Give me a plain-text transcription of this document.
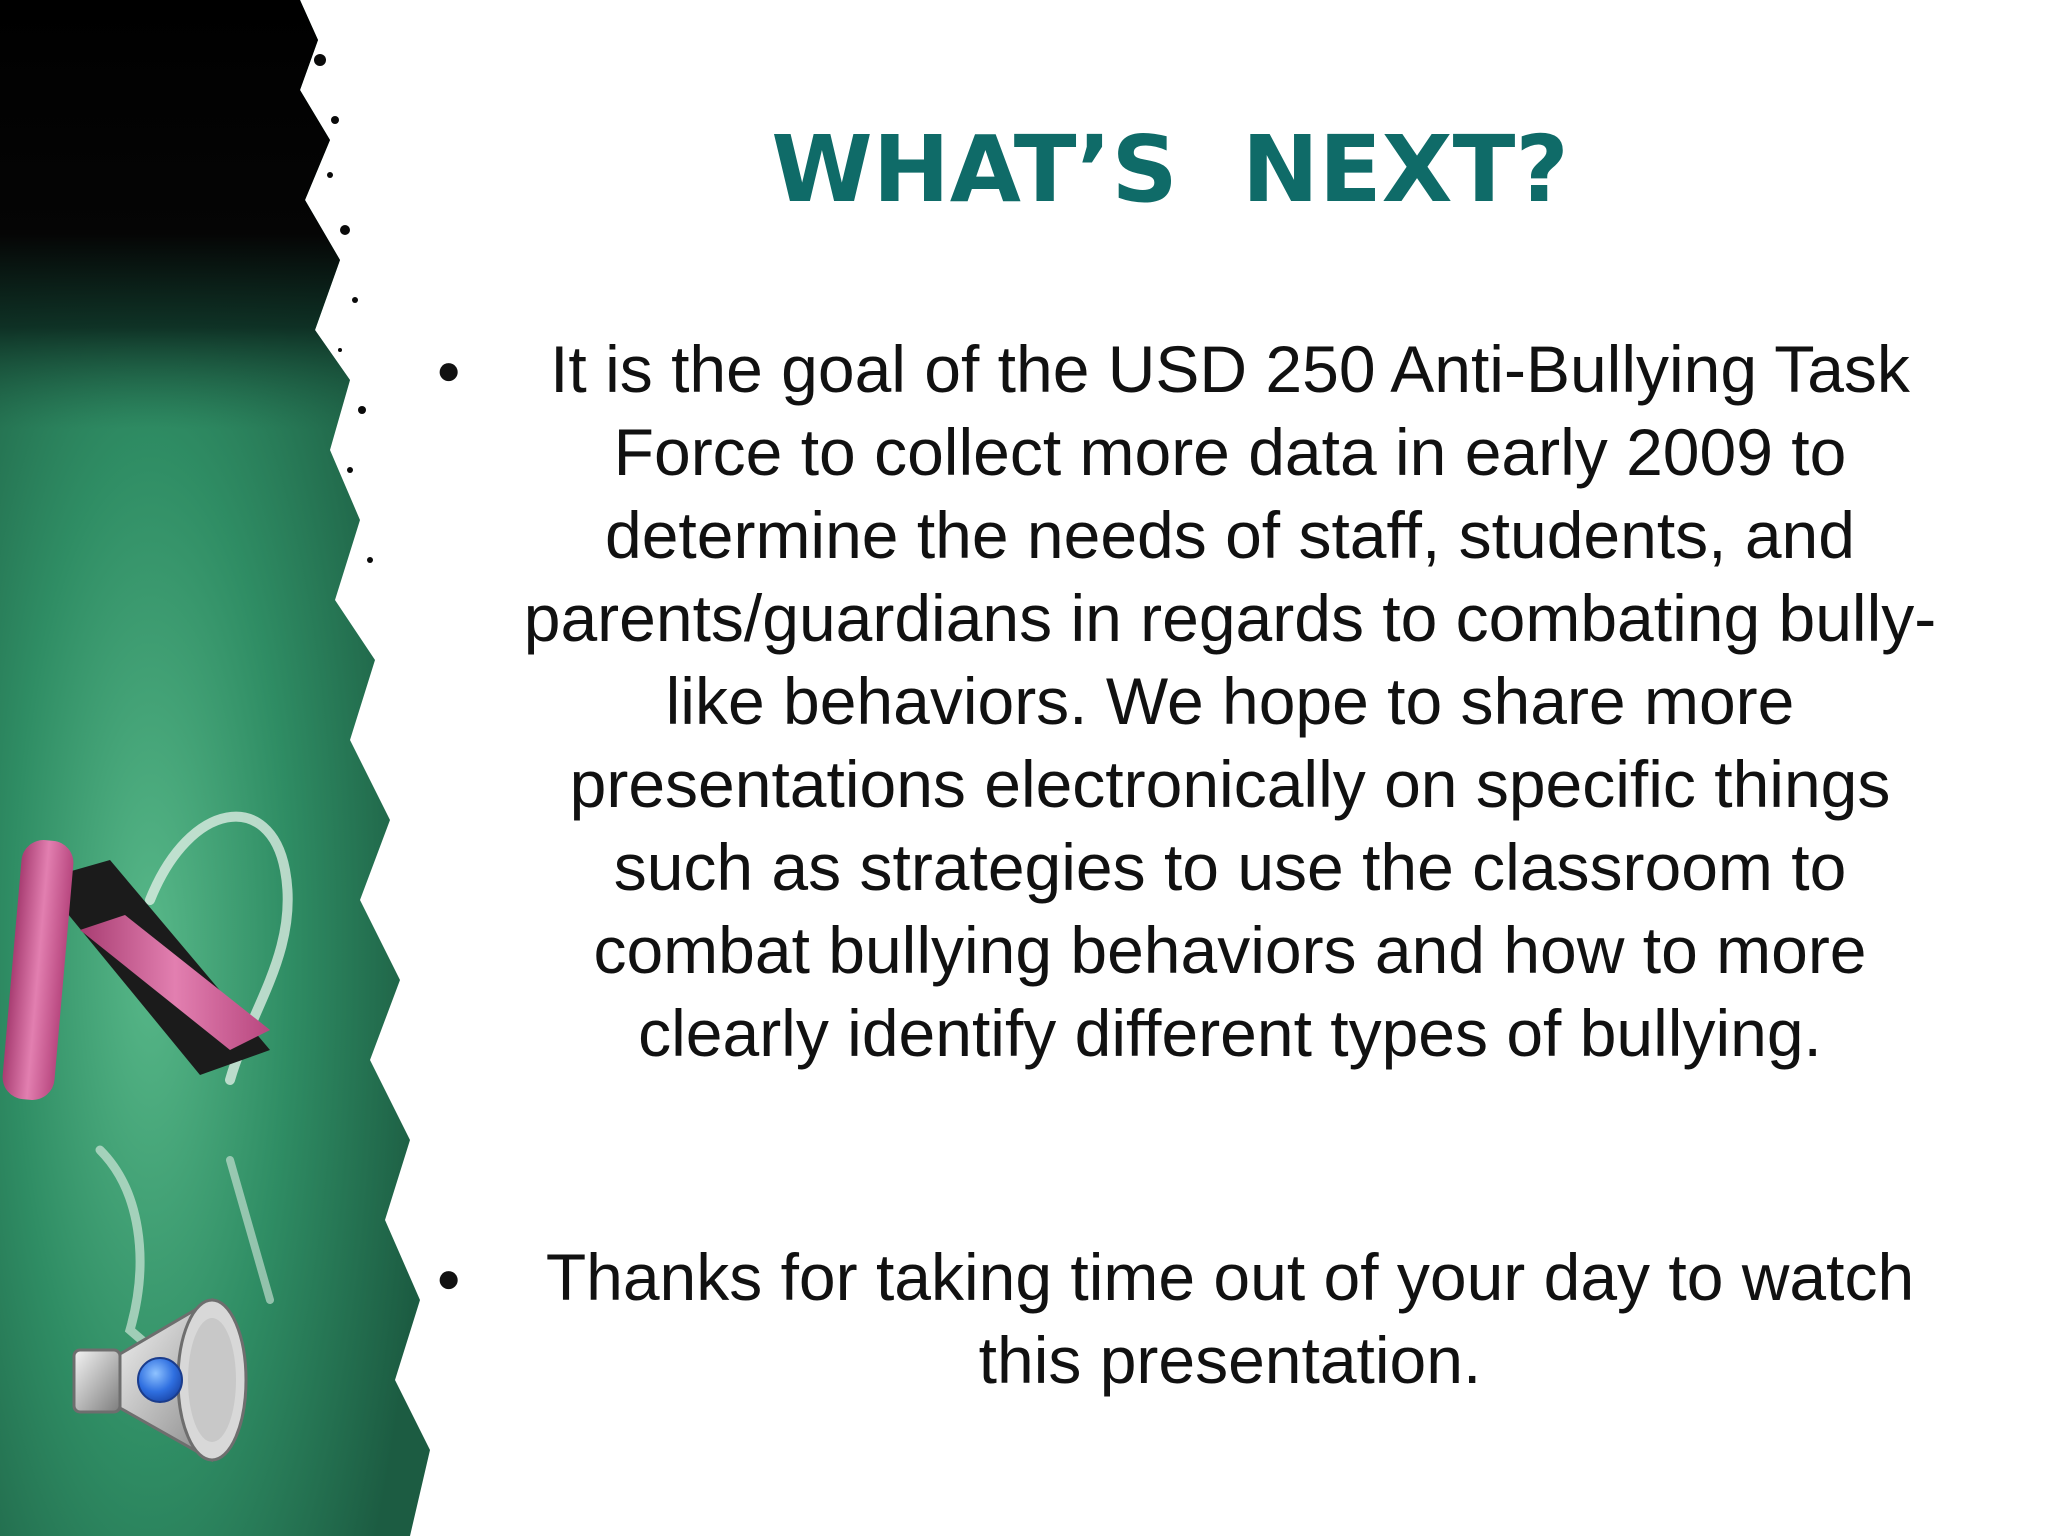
WHAT’S  NEXT?
●	It is the goal of the USD 250 Anti-Bullying Task Force to collect more data in early 2009 to determine the needs of staff, students, and parents/guardians in regards to combating bully-like behaviors. We hope to share more presentations electronically on specific things such as strategies to use the classroom to combat bullying behaviors and how to more clearly identify different types of bullying.
●	Thanks for taking time out of your day to watch this presentation.
